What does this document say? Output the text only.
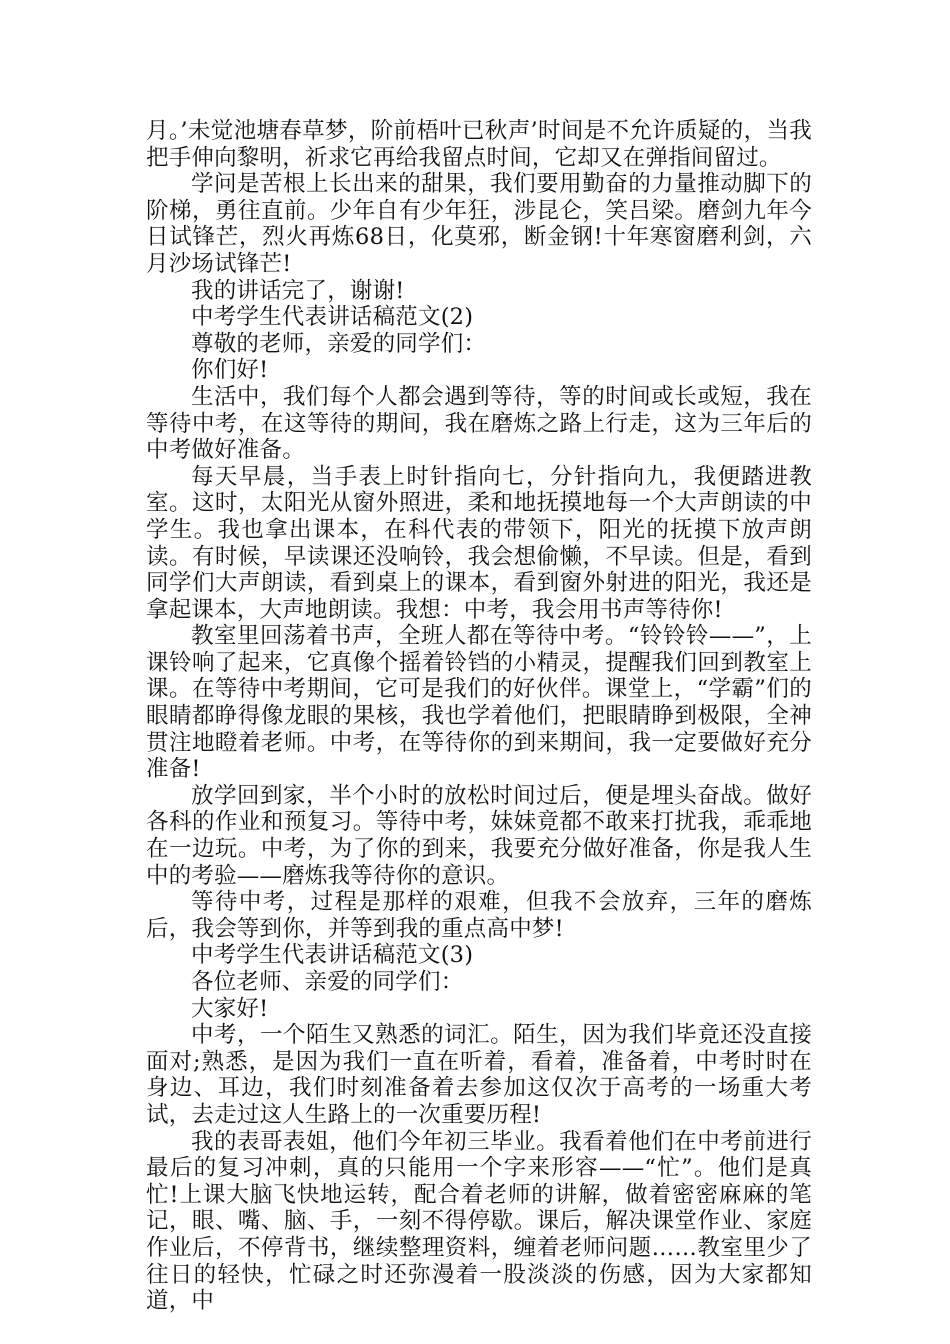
月。’未觉池塘春草梦，阶前梧叶已秋声’时间是不允许质疑的，当我把手伸向黎明，祈求它再给我留点时间，它却又在弹指间留过。

学问是苦根上长出来的甜果，我们要用勤奋的力量推动脚下的阶梯，勇往直前。少年自有少年狂，涉昆仑，笑吕梁。磨剑九年今日试锋芒，烈火再炼68日，化莫邪，断金钢!十年寒窗磨利剑，六月沙场试锋芒!

我的讲话完了，谢谢!

中考学生代表讲话稿范文(2)

尊敬的老师，亲爱的同学们：

你们好!

生活中，我们每个人都会遇到等待，等的时间或长或短，我在等待中考，在这等待的期间，我在磨炼之路上行走，这为三年后的中考做好准备。

每天早晨，当手表上时针指向七，分针指向九，我便踏进教室。这时，太阳光从窗外照进，柔和地抚摸地每一个大声朗读的中学生。我也拿出课本，在科代表的带领下，阳光的抚摸下放声朗读。有时候，早读课还没响铃，我会想偷懒，不早读。但是，看到同学们大声朗读，看到桌上的课本，看到窗外射进的阳光，我还是拿起课本，大声地朗读。我想：中考，我会用书声等待你!

教室里回荡着书声，全班人都在等待中考。“铃铃铃——”，上课铃响了起来，它真像个摇着铃铛的小精灵，提醒我们回到教室上课。在等待中考期间，它可是我们的好伙伴。课堂上，“学霸”们的眼睛都睁得像龙眼的果核，我也学着他们，把眼睛睁到极限，全神贯注地瞪着老师。中考，在等待你的到来期间，我一定要做好充分准备!

放学回到家，半个小时的放松时间过后，便是埋头奋战。做好各科的作业和预复习。等待中考，妹妹竟都不敢来打扰我，乖乖地在一边玩。中考，为了你的到来，我要充分做好准备，你是我人生中的考验——磨炼我等待你的意识。

等待中考，过程是那样的艰难，但我不会放弃，三年的磨炼后，我会等到你，并等到我的重点高中梦!

中考学生代表讲话稿范文(3)

各位老师、亲爱的同学们：

大家好!

中考，一个陌生又熟悉的词汇。陌生，因为我们毕竟还没直接面对;熟悉，是因为我们一直在听着，看着，准备着，中考时时在身边、耳边，我们时刻准备着去参加这仅次于高考的一场重大考试，去走过这人生路上的一次重要历程!

我的表哥表姐，他们今年初三毕业。我看着他们在中考前进行最后的复习冲刺，真的只能用一个字来形容——“忙”。他们是真忙!上课大脑飞快地运转，配合着老师的讲解，做着密密麻麻的笔记，眼、嘴、脑、手，一刻不得停歇。课后，解决课堂作业、家庭作业后，不停背书，继续整理资料，缠着老师问题……教室里少了往日的轻快，忙碌之时还弥漫着一股淡淡的伤感，因为大家都知道，中
